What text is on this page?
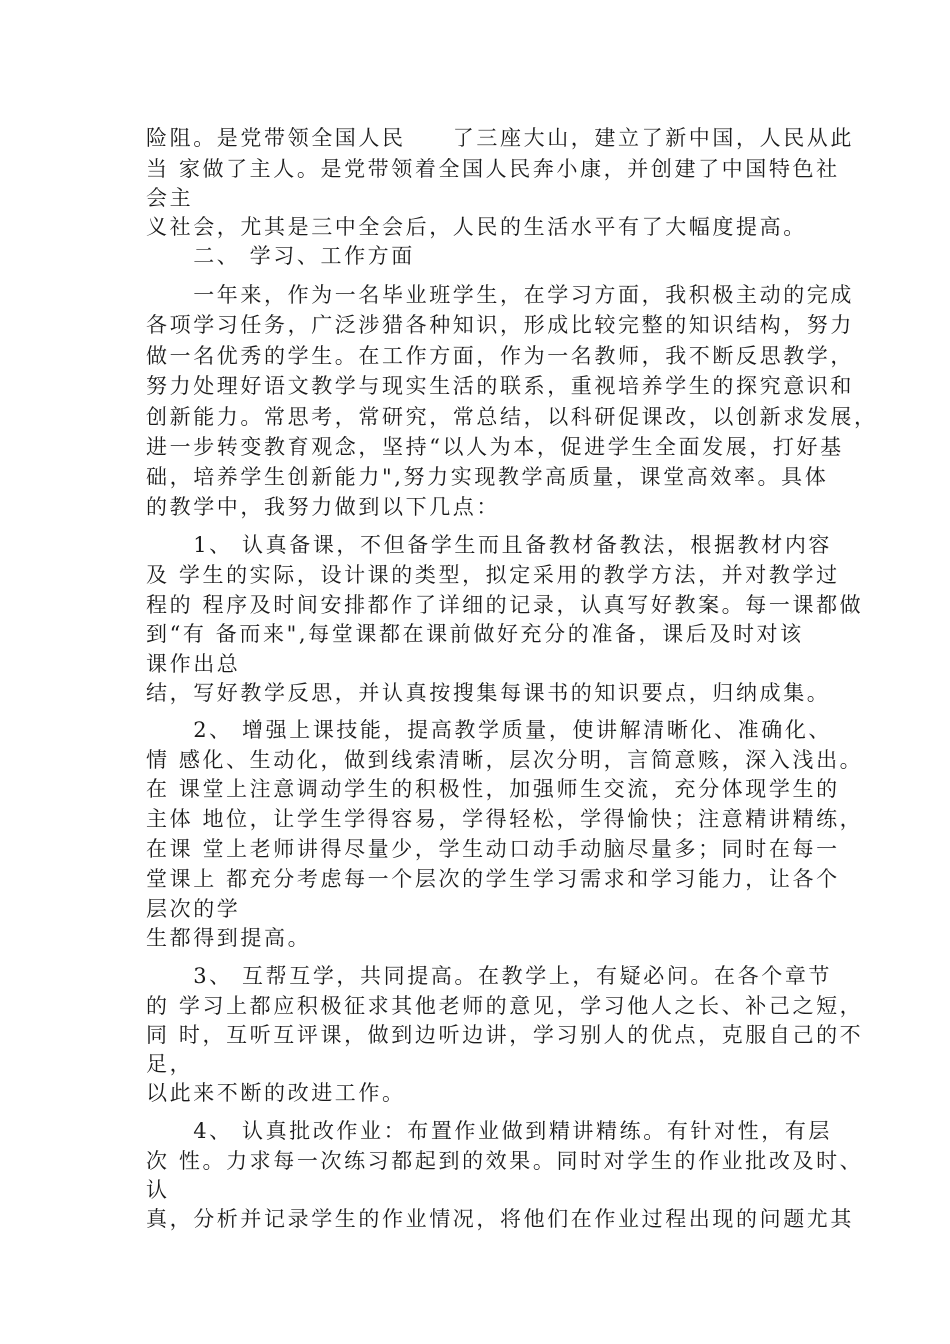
险阻。是党带领全国人民　　了三座大山，建立了新中国，人民从此
当 家做了主人。是党带领着全国人民奔小康，并创建了中国特色社
会主
义社会，尤其是三中全会后，人民的生活水平有了大幅度提高。
　　二、 学习、工作方面
　　一年来，作为一名毕业班学生，在学习方面，我积极主动的完成
各项学习任务，广泛涉猎各种知识，形成比较完整的知识结构，努力
做一名优秀的学生。在工作方面，作为一名教师，我不断反思教学，
努力处理好语文教学与现实生活的联系，重视培养学生的探究意识和
创新能力。常思考，常研究，常总结，以科研促课改，以创新求发展，
进一步转变教育观念，坚持“以人为本，促进学生全面发展，打好基
础，培养学生创新能力",努力实现教学高质量，课堂高效率。具体
的教学中，我努力做到以下几点：
　　1、 认真备课，不但备学生而且备教材备教法，根据教材内容
及 学生的实际，设计课的类型，拟定采用的教学方法，并对教学过
程的 程序及时间安排都作了详细的记录，认真写好教案。每一课都做
到“有 备而来",每堂课都在课前做好充分的准备，课后及时对该
课作出总
结，写好教学反思，并认真按搜集每课书的知识要点，归纳成集。
　　2、 增强上课技能，提高教学质量，使讲解清晰化、准确化、
情 感化、生动化，做到线索清晰，层次分明，言简意赅，深入浅出。
在 课堂上注意调动学生的积极性，加强师生交流，充分体现学生的
主体 地位，让学生学得容易，学得轻松，学得愉快；注意精讲精练，
在课 堂上老师讲得尽量少，学生动口动手动脑尽量多；同时在每一
堂课上 都充分考虑每一个层次的学生学习需求和学习能力，让各个
层次的学
生都得到提高。
　　3、 互帮互学，共同提高。在教学上，有疑必问。在各个章节
的 学习上都应积极征求其他老师的意见，学习他人之长、补己之短，
同 时，互听互评课，做到边听边讲，学习别人的优点，克服自己的不
足，
以此来不断的改进工作。
　　4、 认真批改作业：布置作业做到精讲精练。有针对性，有层
次 性。力求每一次练习都起到的效果。同时对学生的作业批改及时、
认
真，分析并记录学生的作业情况，将他们在作业过程出现的问题尤其
